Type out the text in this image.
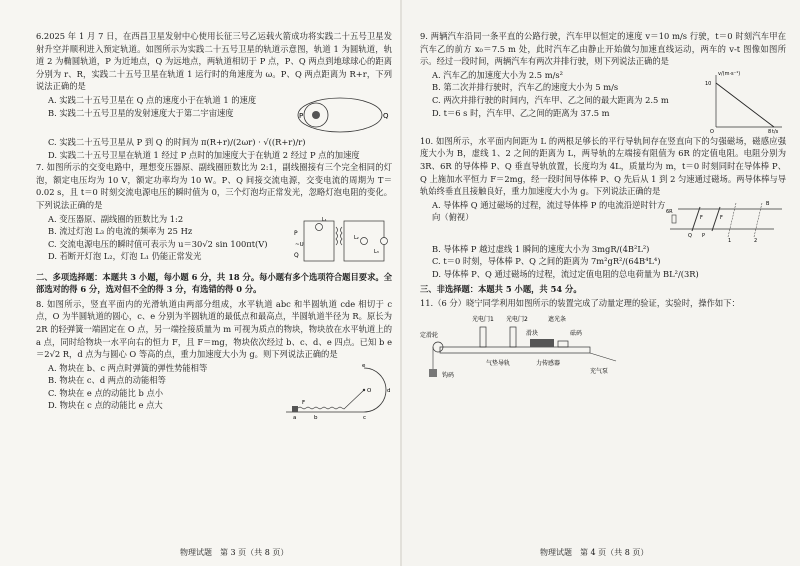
6.2025 年 1 月 7 日，在西昌卫星发射中心使用长征三号乙运载火箭成功将实践二十五号卫星发射升空并顺利进入预定轨道。如图所示为实践二十五号卫星的轨道示意图，轨道 1 为圆轨道，轨道 2 为椭圆轨道，P 为近地点，Q 为远地点，两轨道相切于 P 点，P、Q 两点到地球球心的距离分别为 r、R，实践二十五号卫星在轨道 1 运行时的角速度为 ω。P、Q 两点距离为 R+r，下列说法正确的是

A. 实践二十五号卫星在 Q 点的速度小于在轨道 1 的速度

B. 实践二十五号卫星的发射速度大于第二宇宙速度	P	Q

C. 实践二十五号卫星从 P 到 Q 的时间为 π(R+r)/(2ωr) · √((R+r)/r)

D. 实践二十五号卫星在轨道 1 经过 P 点时的加速度大于在轨道 2 经过 P 点的加速度

7. 如图所示的交变电路中，理想变压器原、副线圈匝数比为 2:1，副线圈接有三个完全相同的灯泡，额定电压均为 10 V，额定功率均为 10 W。P、Q 间接交流电源，交变电流的周期为 T＝0.02 s，且 t＝0 时刻交流电源电压的瞬时值为 0，三个灯泡均正常发光，忽略灯泡电阻的变化。下列说法正确的是

A. 变压器原、副线圈的匝数比为 1:2

B. 流过灯泡 L₃ 的电流的频率为 25 Hz

C. 交流电源电压的瞬时值可表示为 u＝30√2 sin 100πt(V)

D. 若断开灯泡 L₂，灯泡 L₁ 仍能正常发光

P
Q
~U
L₁
L₂
L₃

二、多项选择题：本题共 3 小题，每小题 6 分，共 18 分。每小题有多个选项符合题目要求。全部选对的得 6 分，选对但不全的得 3 分，有选错的得 0 分。

8. 如图所示，竖直平面内的光滑轨道由两部分组成，水平轨道 abc 和半圆轨道 cde 相切于 c 点，O 为半圆轨道的圆心，c、e 分别为半圆轨道的最低点和最高点，半圆轨道半径为 R。原长为 2R 的轻弹簧一端固定在 O 点，另一端拴接质量为 m 可视为质点的物块，物块放在水平轨道上的 a 点，同时给物块一水平向右的恒力 F，且 F＝mg，物块依次经过 b、c、d、e 四点。已知 b e＝2√2 R，d 点为与圆心 O 等高的点，重力加速度大小为 g。则下列说法正确的是

A. 物块在 b、c 两点时弹簧的弹性势能相等

B. 物块在 c、d 两点的动能相等

C. 物块在 e 点的动能比 b 点小

D. 物块在 c 点的动能比 e 点大

a	b	c
d
e
O
F
物理试题　第 3 页（共 8 页）

9. 两辆汽车沿同一条平直的公路行驶，汽车甲以恒定的速度 v＝10 m/s 行驶，t＝0 时刻汽车甲在汽车乙的前方 x₀＝7.5 m 处，此时汽车乙由静止开始做匀加速直线运动，两车的 v-t 图像如图所示。经过一段时间，两辆汽车有两次并排行驶，则下列说法正确的是

A. 汽车乙的加速度大小为 2.5 m/s²

B. 第二次并排行驶时，汽车乙的速度大小为 5 m/s

C. 两次并排行驶的时间内，汽车甲、乙之间的最大距离为 2.5 m

D. t＝6 s 时，汽车甲、乙之间的距离为 37.5 m

v/(m·s⁻¹)
t/s
10
8
O

10. 如图所示，水平面内间距为 L 的两根足够长的平行导轨间存在竖直向下的匀强磁场，磁感应强度大小为 B，虚线 1、2 之间的距离为 L，两导轨的左端接有阻值为 6R 的定值电阻。电阻分别为 3R、6R 的导体棒 P、Q 垂直导轨放置，长度均为 4L，质量均为 m，t＝0 时刻同时在导体棒 P、Q 上施加水平恒力 F＝2mg，经一段时间导体棒 P、Q 先后从 1 到 2 匀速通过磁场。两导体棒与导轨始终垂直且接触良好，重力加速度大小为 g。下列说法正确的是

A. 导体棒 Q 通过磁场的过程，流过导体棒 P 的电流沿逆时针方向（俯视）

6R
P
Q
F	F
1	2
B

B. 导体棒 P 越过虚线 1 瞬间的速度大小为 3mgR/(4B²L²)

C. t＝0 时刻，导体棒 P、Q 之间的距离为 7m²gR²/(64B⁴L⁴)

D. 导体棒 P、Q 通过磁场的过程，流过定值电阻的总电荷量为 BL²/(3R)

三、非选择题：本题共 5 小题，共 54 分。

11.（6 分）晓宁同学利用如图所示的装置完成了动量定理的验证，实验时，操作如下：

光电门1 光电门2	遮光条
滑块
定滑轮
钩码
气垫导轨	力传感器
充气泵
砝码
物理试题　第 4 页（共 8 页）
